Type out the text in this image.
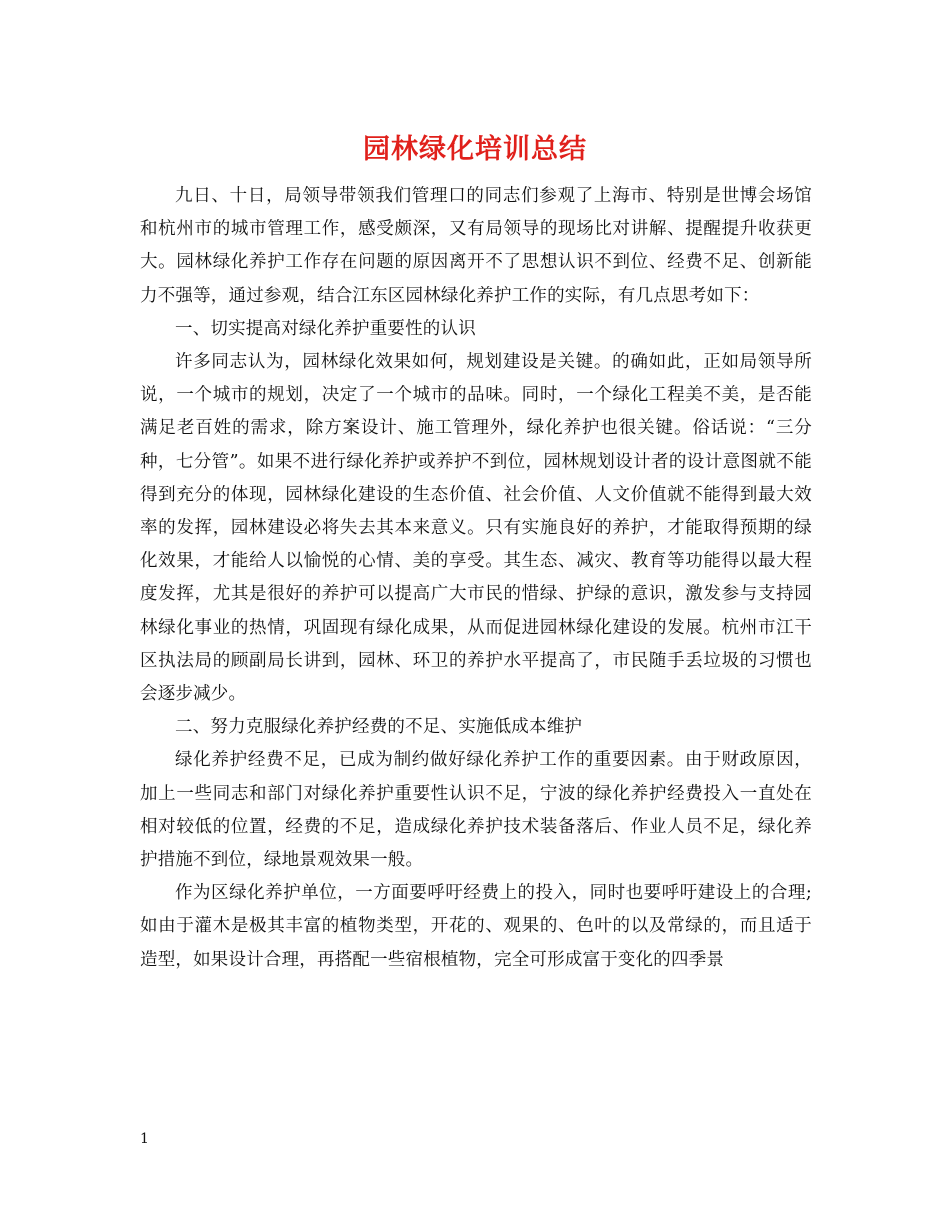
园林绿化培训总结

九日、十日，局领导带领我们管理口的同志们参观了上海市、特别是世博会场馆和杭州市的城市管理工作，感受颇深，又有局领导的现场比对讲解、提醒提升收获更大。园林绿化养护工作存在问题的原因离开不了思想认识不到位、经费不足、创新能力不强等，通过参观，结合江东区园林绿化养护工作的实际，有几点思考如下：

一、切实提高对绿化养护重要性的认识

许多同志认为，园林绿化效果如何，规划建设是关键。的确如此，正如局领导所说，一个城市的规划，决定了一个城市的品味。同时，一个绿化工程美不美，是否能满足老百姓的需求，除方案设计、施工管理外，绿化养护也很关键。俗话说：“三分种，七分管”。如果不进行绿化养护或养护不到位，园林规划设计者的设计意图就不能得到充分的体现，园林绿化建设的生态价值、社会价值、人文价值就不能得到最大效率的发挥，园林建设必将失去其本来意义。只有实施良好的养护，才能取得预期的绿化效果，才能给人以愉悦的心情、美的享受。其生态、减灾、教育等功能得以最大程度发挥，尤其是很好的养护可以提高广大市民的惜绿、护绿的意识，激发参与支持园林绿化事业的热情，巩固现有绿化成果，从而促进园林绿化建设的发展。杭州市江干区执法局的顾副局长讲到，园林、环卫的养护水平提高了，市民随手丢垃圾的习惯也会逐步减少。

二、努力克服绿化养护经费的不足、实施低成本维护

绿化养护经费不足，已成为制约做好绿化养护工作的重要因素。由于财政原因，加上一些同志和部门对绿化养护重要性认识不足，宁波的绿化养护经费投入一直处在相对较低的位置，经费的不足，造成绿化养护技术装备落后、作业人员不足，绿化养护措施不到位，绿地景观效果一般。

作为区绿化养护单位，一方面要呼吁经费上的投入，同时也要呼吁建设上的合理;如由于灌木是极其丰富的植物类型，开花的、观果的、色叶的以及常绿的，而且适于造型，如果设计合理，再搭配一些宿根植物，完全可形成富于变化的四季景

1
